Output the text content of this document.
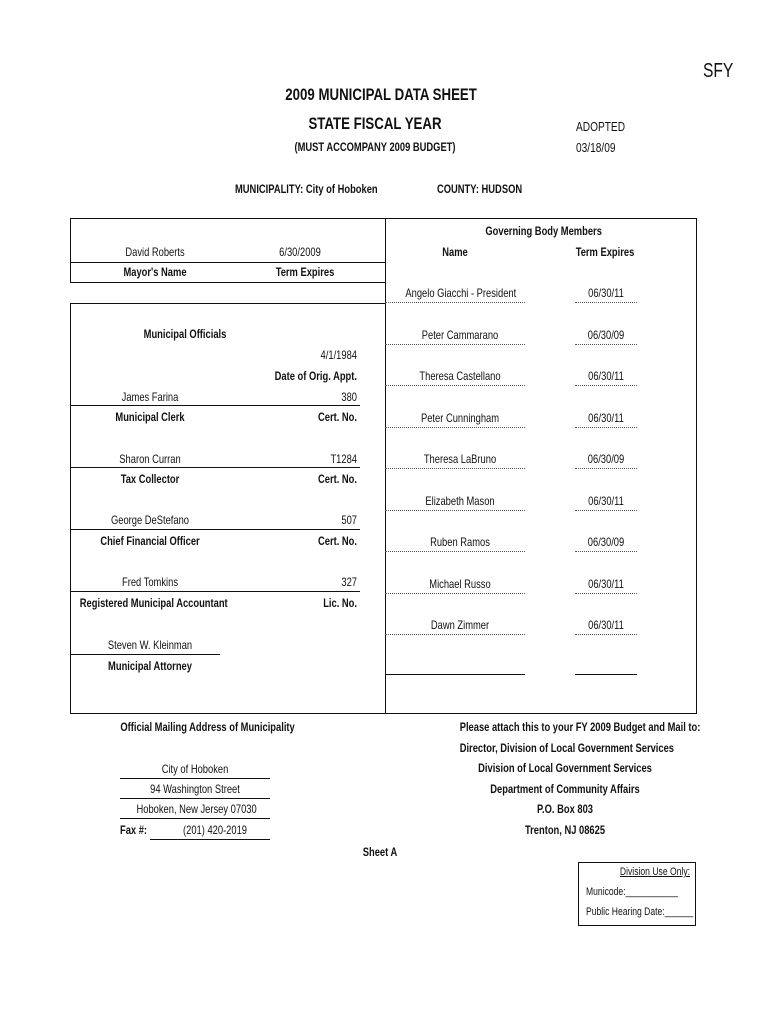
SFY
2009 MUNICIPAL DATA SHEET
STATE FISCAL YEAR
(MUST ACCOMPANY 2009 BUDGET)
ADOPTED
03/18/09
MUNICIPALITY: City of Hoboken	COUNTY: HUDSON
David Roberts	6/30/2009
Mayor's Name	Term Expires
Municipal Officials
4/1/1984
Date of Orig. Appt.
James Farina	380
Municipal Clerk	Cert. No.
Sharon Curran	T1284
Tax Collector	Cert. No.
George DeStefano	507
Chief Financial Officer	Cert. No.
Fred Tomkins	327
Registered Municipal Accountant	Lic. No.
Steven W. Kleinman
Municipal Attorney
Governing Body Members
Name	Term Expires
Angelo Giacchi - President	06/30/11
Peter Cammarano	06/30/09
Theresa Castellano	06/30/11
Peter Cunningham	06/30/11
Theresa LaBruno	06/30/09
Elizabeth Mason	06/30/11
Ruben Ramos	06/30/09
Michael Russo	06/30/11
Dawn Zimmer	06/30/11
Official Mailing Address of Municipality
City of Hoboken
94 Washington Street
Hoboken, New Jersey 07030
Fax #:	(201) 420-2019
Please attach this to your FY 2009 Budget and Mail to:
Director, Division of Local Government Services
Division of Local Government Services
Department of Community Affairs
P.O. Box 803
Trenton, NJ 08625
Sheet A
Division Use Only:
Municode:___________
Public Hearing Date:______
